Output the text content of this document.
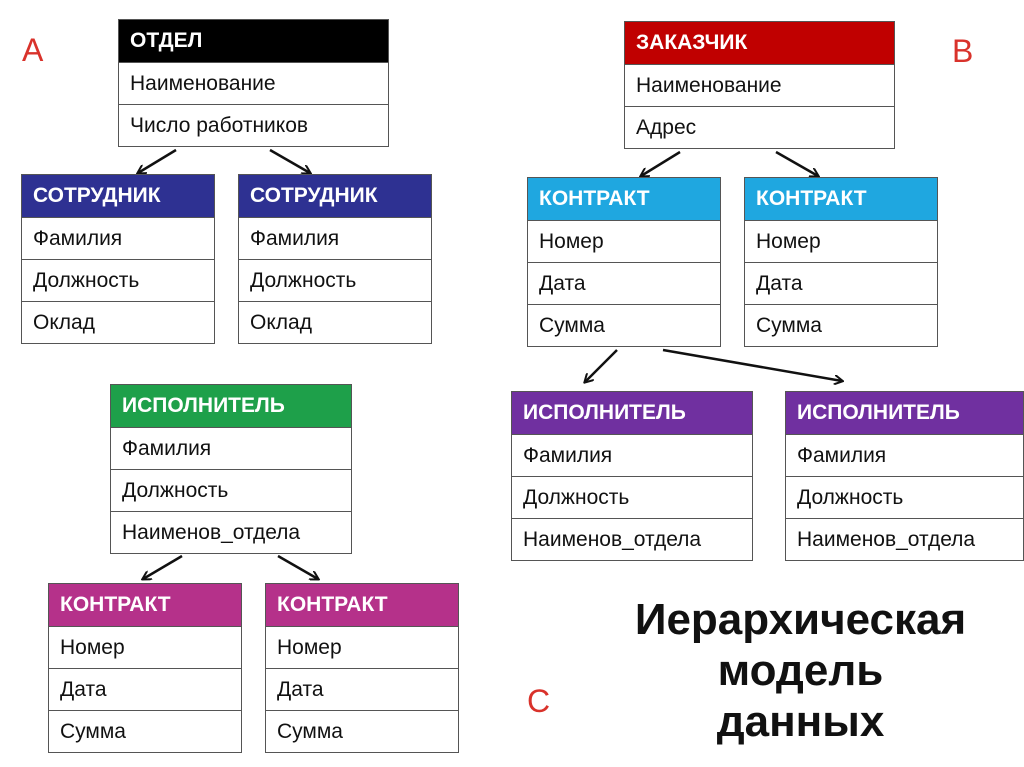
A	B
C
ОТДЕЛ
Наименование
Число работников
СОТРУДНИК
Фамилия
Должность
Оклад
СОТРУДНИК
Фамилия
Должность
Оклад
ЗАКАЗЧИК
Наименование
Адрес
КОНТРАКТ
Номер
Дата
Сумма
КОНТРАКТ
Номер
Дата
Сумма
ИСПОЛНИТЕЛЬ
Фамилия
Должность
Наименов_отдела
ИСПОЛНИТЕЛЬ
Фамилия
Должность
Наименов_отдела
ИСПОЛНИТЕЛЬ
Фамилия
Должность
Наименов_отдела
КОНТРАКТ
Номер
Дата
Сумма
КОНТРАКТ
Номер
Дата
Сумма
Иерархическая
модель
данных
